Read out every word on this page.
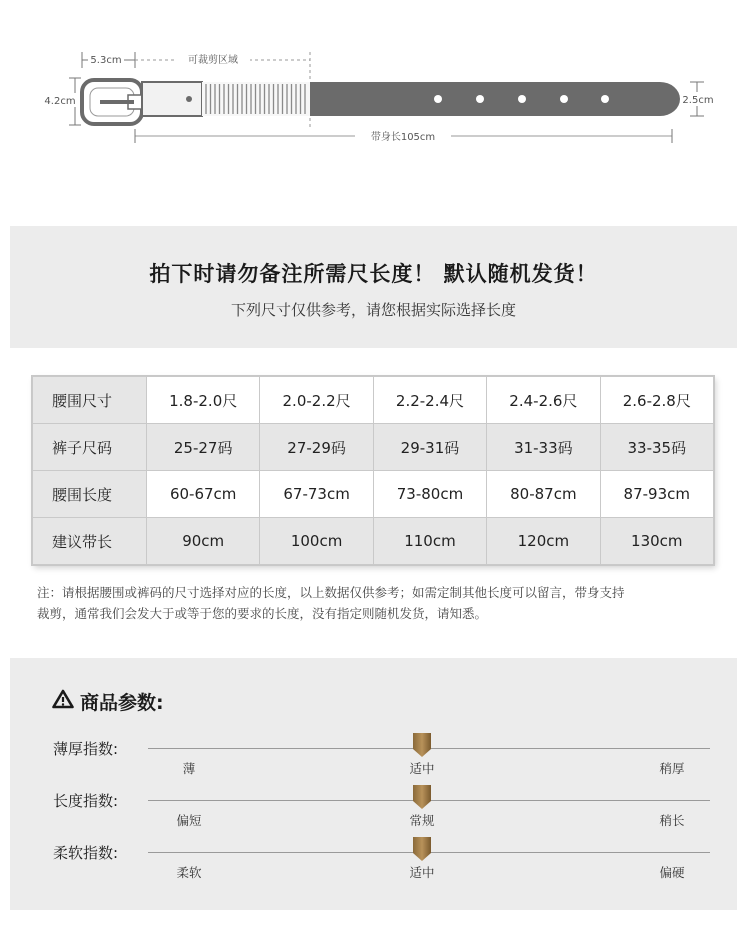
5.3cm	可裁剪区域
4.2cm	2.5cm
带身长105cm
拍下时请勿备注所需尺长度！ 默认随机发货！
下列尺寸仅供参考，请您根据实际选择长度
腰围尺寸	1.8-2.0尺	2.0-2.2尺	2.2-2.4尺	2.4-2.6尺	2.6-2.8尺
裤子尺码	25-27码	27-29码	29-31码	31-33码	33-35码
腰围长度	60-67cm	67-73cm	73-80cm	80-87cm	87-93cm
建议带长	90cm	100cm	110cm	120cm	130cm
注：请根据腰围或裤码的尺寸选择对应的长度，以上数据仅供参考；如需定制其他长度可以留言，带身支持
裁剪，通常我们会发大于或等于您的要求的长度，没有指定则随机发货，请知悉。
商品参数:
薄厚指数:
薄	适中	稍厚
长度指数:
偏短	常规	稍长
柔软指数:
柔软	适中	偏硬
